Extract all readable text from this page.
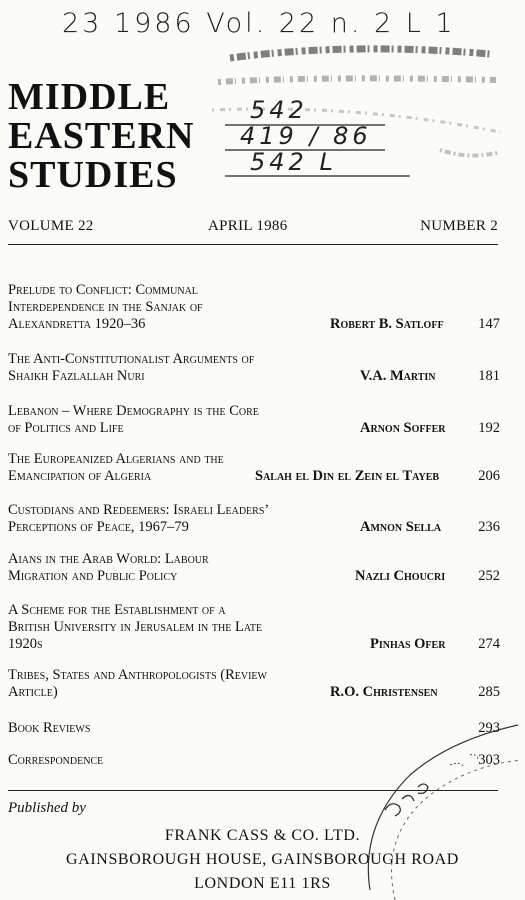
23 1986 Vol. 22 n. 2 L 1
542
419 / 86
542 L
MIDDLE
EASTERN
STUDIES
VOLUME 22	APRIL 1986	NUMBER 2
Prelude to Conflict: Communal
Interdependence in the Sanjak of
Alexandretta 1920–36	Robert B. Satloff 147
The Anti-Constitutionalist Arguments of
Shaikh Fazlallah Nuri	V.A. Martin	181
Lebanon – Where Demography is the Core
of Politics and Life	Arnon Soffer 192
The Europeanized Algerians and the
Emancipation of Algeria	Salah el Din el Zein el Tayeb	206
Custodians and Redeemers: Israeli Leaders’
Perceptions of Peace, 1967–79	Amnon Sella	236
Aians in the Arab World: Labour
Migration and Public Policy	Nazli Choucri 252
A Scheme for the Establishment of a
British University in Jerusalem in the Late
1920s	Pinhas Ofer 274
Tribes, States and Anthropologists (Review
Article)	R.O. Christensen	285
Book Reviews	293
Correspondence	303
Published by
FRANK CASS & CO. LTD.
GAINSBOROUGH HOUSE, GAINSBOROUGH ROAD
LONDON E11 1RS
